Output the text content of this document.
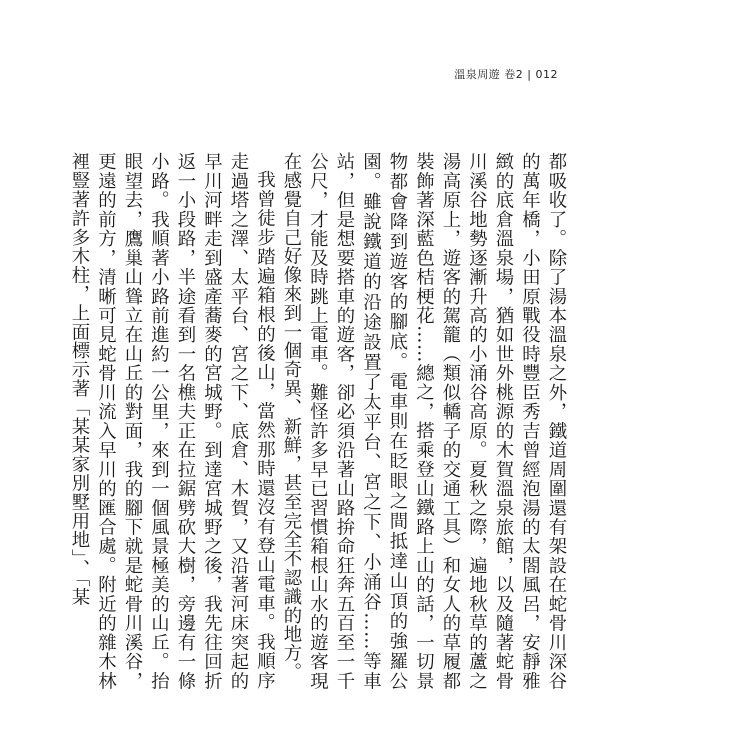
溫泉周遊 卷2 | 012

都吸收了。除了湯本溫泉之外，鐵道周圍還有架設在蛇骨川深谷的萬年橋，小田原戰役時豐臣秀吉曾經泡湯的太閤風呂，安靜雅緻的底倉溫泉場，猶如世外桃源的木賀溫泉旅館，以及隨著蛇骨川溪谷地勢逐漸升高的小涌谷高原。夏秋之際，遍地秋草的蘆之湯高原上，遊客的駕籠（類似轎子的交通工具）和女人的草履都裝飾著深藍色桔梗花……總之，搭乘登山鐵路上山的話，一切景物都會降到遊客的腳底。電車則在眨眼之間抵達山頂的強羅公園。雖說鐵道的沿途設置了太平台、宮之下、小涌谷……等車站，但是想要搭車的遊客，卻必須沿著山路拚命狂奔五百至一千公尺，才能及時跳上電車。難怪許多早已習慣箱根山水的遊客現在感覺自己好像來到一個奇異、新鮮，甚至完全不認識的地方。

我曾徒步踏遍箱根的後山，當然那時還沒有登山電車。我順序走過塔之澤、太平台、宮之下、底倉、木賀，又沿著河床突起的早川河畔走到盛產蕎麥的宮城野。到達宮城野之後，我先往回折返一小段路，半途看到一名樵夫正在拉鋸劈砍大樹，旁邊有一條小路。我順著小路前進約一公里，來到一個風景極美的山丘。抬眼望去，鷹巢山聳立在山丘的對面，我的腳下就是蛇骨川溪谷，更遠的前方，清晰可見蛇骨川流入早川的匯合處。附近的雜木林裡豎著許多木柱，上面標示著「某某家別墅用地」、「某
